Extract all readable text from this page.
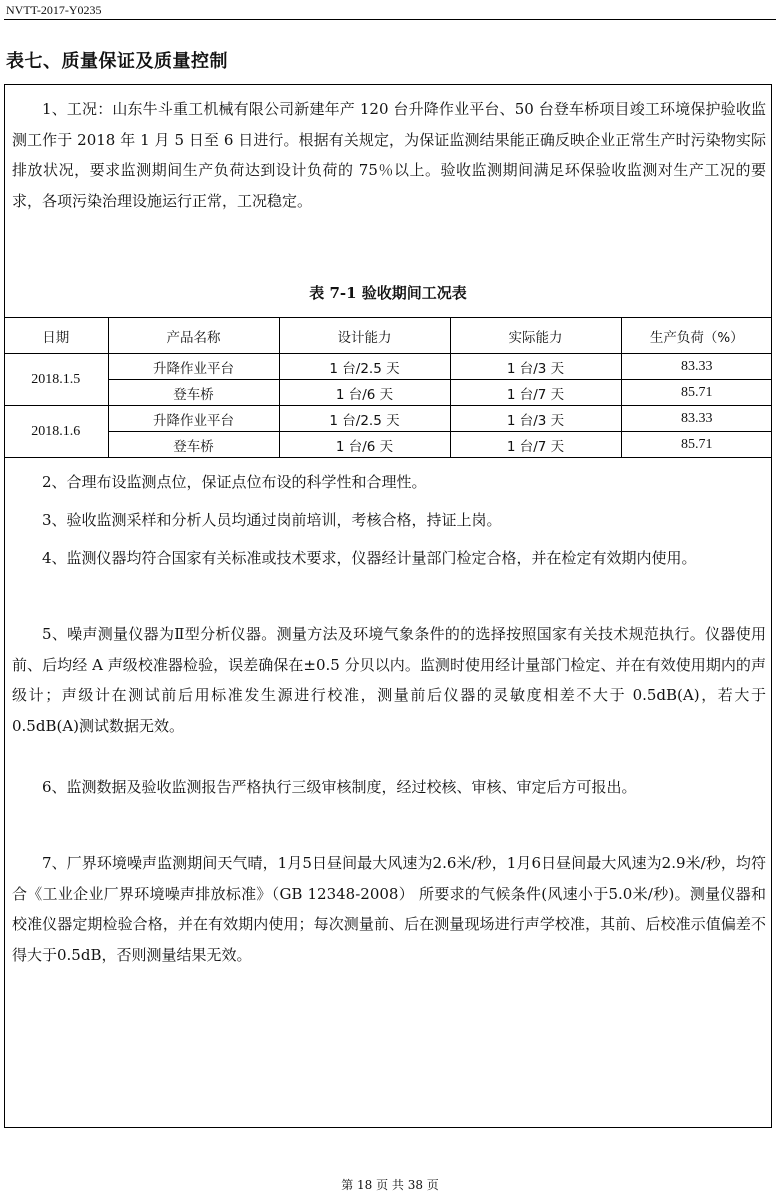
NVTT-2017-Y0235
表七、质量保证及质量控制

1、工况：山东牛斗重工机械有限公司新建年产 120 台升降作业平台、50 台登车桥项目竣工环境保护验收监测工作于 2018 年 1 月 5 日至 6 日进行。根据有关规定，为保证监测结果能正确反映企业正常生产时污染物实际排放状况，要求监测期间生产负荷达到设计负荷的 75％以上。验收监测期间满足环保验收监测对生产工况的要求，各项污染治理设施运行正常，工况稳定。

表 7-1 验收期间工况表
日期	产品名称	设计能力	实际能力	生产负荷（%）
2018.1.5	升降作业平台	1 台/2.5 天	1 台/3 天	83.33
	登车桥	1 台/6 天	1 台/7 天	85.71
2018.1.6	升降作业平台	1 台/2.5 天	1 台/3 天	83.33
	登车桥	1 台/6 天	1 台/7 天	85.71

2、合理布设监测点位，保证点位布设的科学性和合理性。

3、验收监测采样和分析人员均通过岗前培训，考核合格，持证上岗。

4、监测仪器均符合国家有关标准或技术要求，仪器经计量部门检定合格，并在检定有效期内使用。

5、噪声测量仪器为Ⅱ型分析仪器。测量方法及环境气象条件的的选择按照国家有关技术规范执行。仪器使用前、后均经 A 声级校准器检验，误差确保在±0.5 分贝以内。监测时使用经计量部门检定、并在有效使用期内的声级计；声级计在测试前后用标准发生源进行校准，测量前后仪器的灵敏度相差不大于 0.5dB(A)，若大于 0.5dB(A)测试数据无效。

6、监测数据及验收监测报告严格执行三级审核制度，经过校核、审核、审定后方可报出。

7、厂界环境噪声监测期间天气晴，1月5日昼间最大风速为2.6米/秒，1月6日昼间最大风速为2.9米/秒，均符合《工业企业厂界环境噪声排放标准》（GB 12348-2008） 所要求的气候条件(风速小于5.0米/秒)。测量仪器和校准仪器定期检验合格，并在有效期内使用；每次测量前、后在测量现场进行声学校准，其前、后校准示值偏差不得大于0.5dB，否则测量结果无效。

第 18 页 共 38 页
